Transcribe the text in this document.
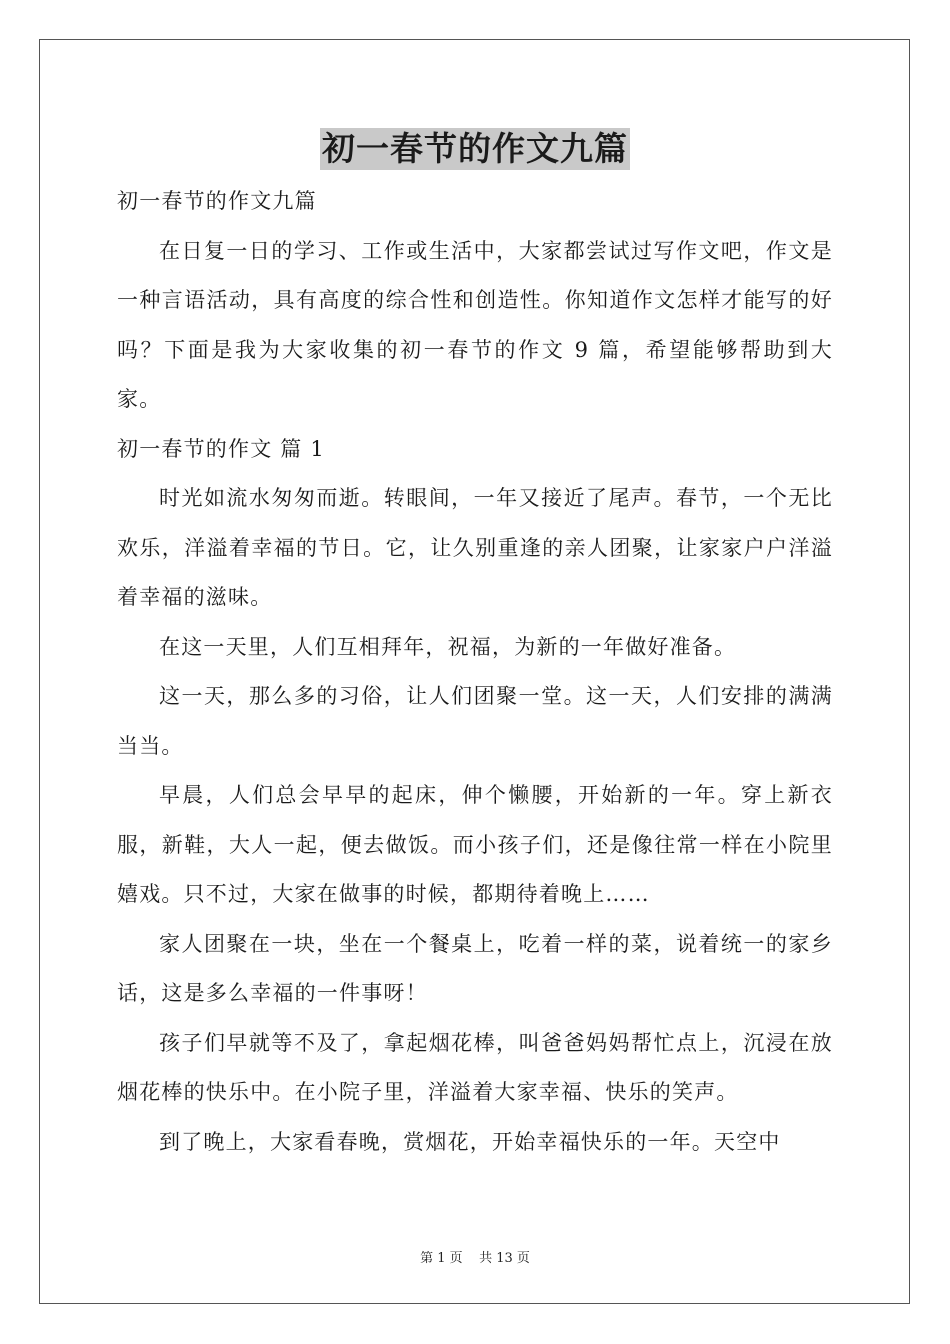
初一春节的作文九篇

初一春节的作文九篇

在日复一日的学习、工作或生活中，大家都尝试过写作文吧，作文是一种言语活动，具有高度的综合性和创造性。你知道作文怎样才能写的好吗？下面是我为大家收集的初一春节的作文 9 篇，希望能够帮助到大家。

初一春节的作文 篇 1

时光如流水匆匆而逝。转眼间，一年又接近了尾声。春节，一个无比欢乐，洋溢着幸福的节日。它，让久别重逢的亲人团聚，让家家户户洋溢着幸福的滋味。

在这一天里，人们互相拜年，祝福，为新的一年做好准备。

这一天，那么多的习俗，让人们团聚一堂。这一天，人们安排的满满当当。

早晨，人们总会早早的起床，伸个懒腰，开始新的一年。穿上新衣服，新鞋，大人一起，便去做饭。而小孩子们，还是像往常一样在小院里嬉戏。只不过，大家在做事的时候，都期待着晚上……

家人团聚在一块，坐在一个餐桌上，吃着一样的菜，说着统一的家乡话，这是多么幸福的一件事呀！

孩子们早就等不及了，拿起烟花棒，叫爸爸妈妈帮忙点上，沉浸在放烟花棒的快乐中。在小院子里，洋溢着大家幸福、快乐的笑声。

到了晚上，大家看春晚，赏烟花，开始幸福快乐的一年。天空中

第 1 页    共 13 页
